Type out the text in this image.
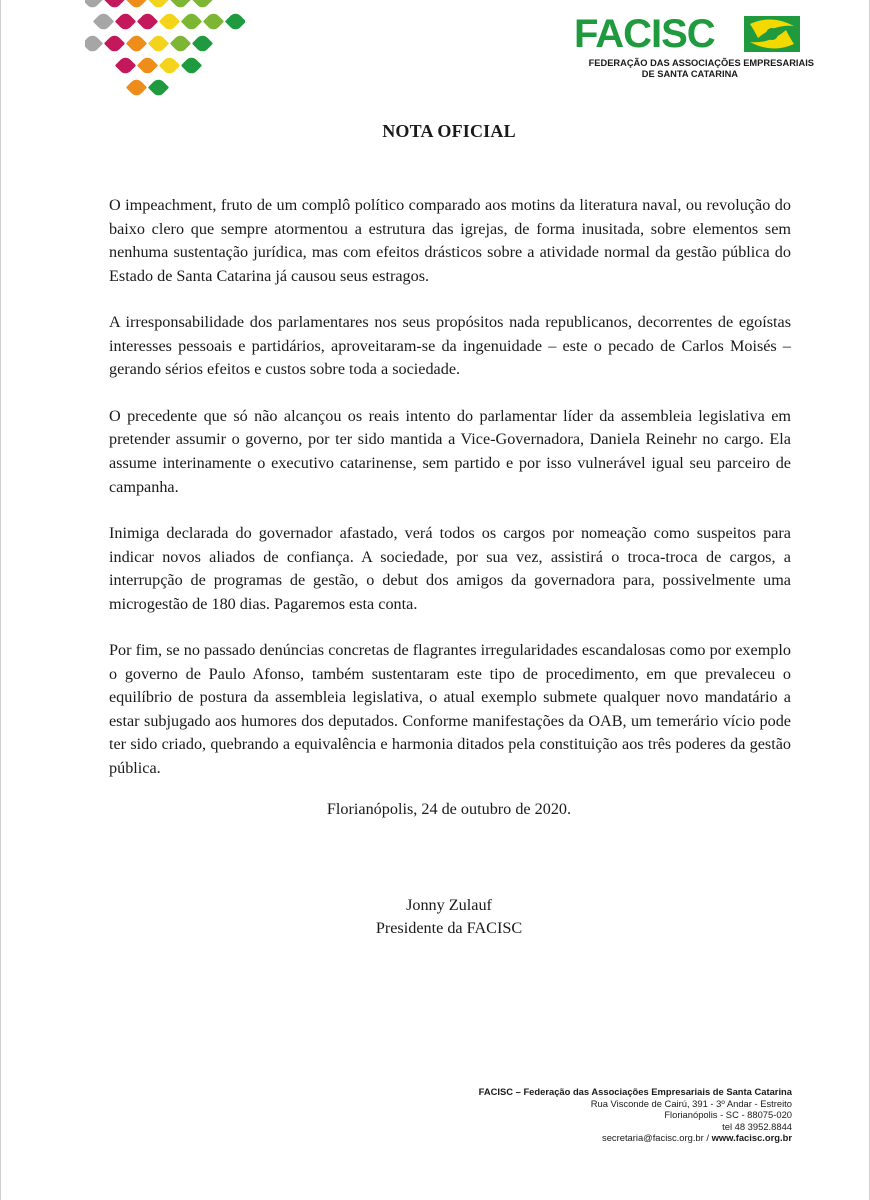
FACISC
FEDERAÇÃO DAS ASSOCIAÇÕES EMPRESARIAIS
DE SANTA CATARINA
NOTA OFICIAL

O impeachment, fruto de um complô político comparado aos motins da literatura naval, ou revolução do baixo clero que sempre atormentou a estrutura das igrejas, de forma inusitada, sobre elementos sem nenhuma sustentação jurídica, mas com efeitos drásticos sobre a atividade normal da gestão pública do Estado de Santa Catarina já causou seus estragos.

A irresponsabilidade dos parlamentares nos seus propósitos nada republicanos, decorrentes de egoístas interesses pessoais e partidários, aproveitaram-se da ingenuidade – este o pecado de Carlos Moisés – gerando sérios efeitos e custos sobre toda a sociedade.

O precedente que só não alcançou os reais intento do parlamentar líder da assembleia legislativa em pretender assumir o governo, por ter sido mantida a Vice-Governadora, Daniela Reinehr no cargo. Ela assume interinamente o executivo catarinense, sem partido e por isso vulnerável igual seu parceiro de campanha.

Inimiga declarada do governador afastado, verá todos os cargos por nomeação como suspeitos para indicar novos aliados de confiança. A sociedade, por sua vez, assistirá o troca-troca de cargos, a interrupção de programas de gestão, o debut dos amigos da governadora para, possivelmente uma microgestão de 180 dias. Pagaremos esta conta.

Por fim, se no passado denúncias concretas de flagrantes irregularidades escandalosas como por exemplo o governo de Paulo Afonso, também sustentaram este tipo de procedimento, em que prevaleceu o equilíbrio de postura da assembleia legislativa, o atual exemplo submete qualquer novo mandatário a estar subjugado aos humores dos deputados. Conforme manifestações da OAB, um temerário vício pode ter sido criado, quebrando a equivalência e harmonia ditados pela constituição aos três poderes da gestão pública.

Florianópolis, 24 de outubro de 2020.
Jonny Zulauf
Presidente da FACISC
FACISC – Federação das Associações Empresariais de Santa Catarina
Rua Visconde de Cairú, 391 - 3º Andar - Estreito
Florianópolis - SC - 88075-020
tel 48 3952.8844
secretaria@facisc.org.br / www.facisc.org.br
